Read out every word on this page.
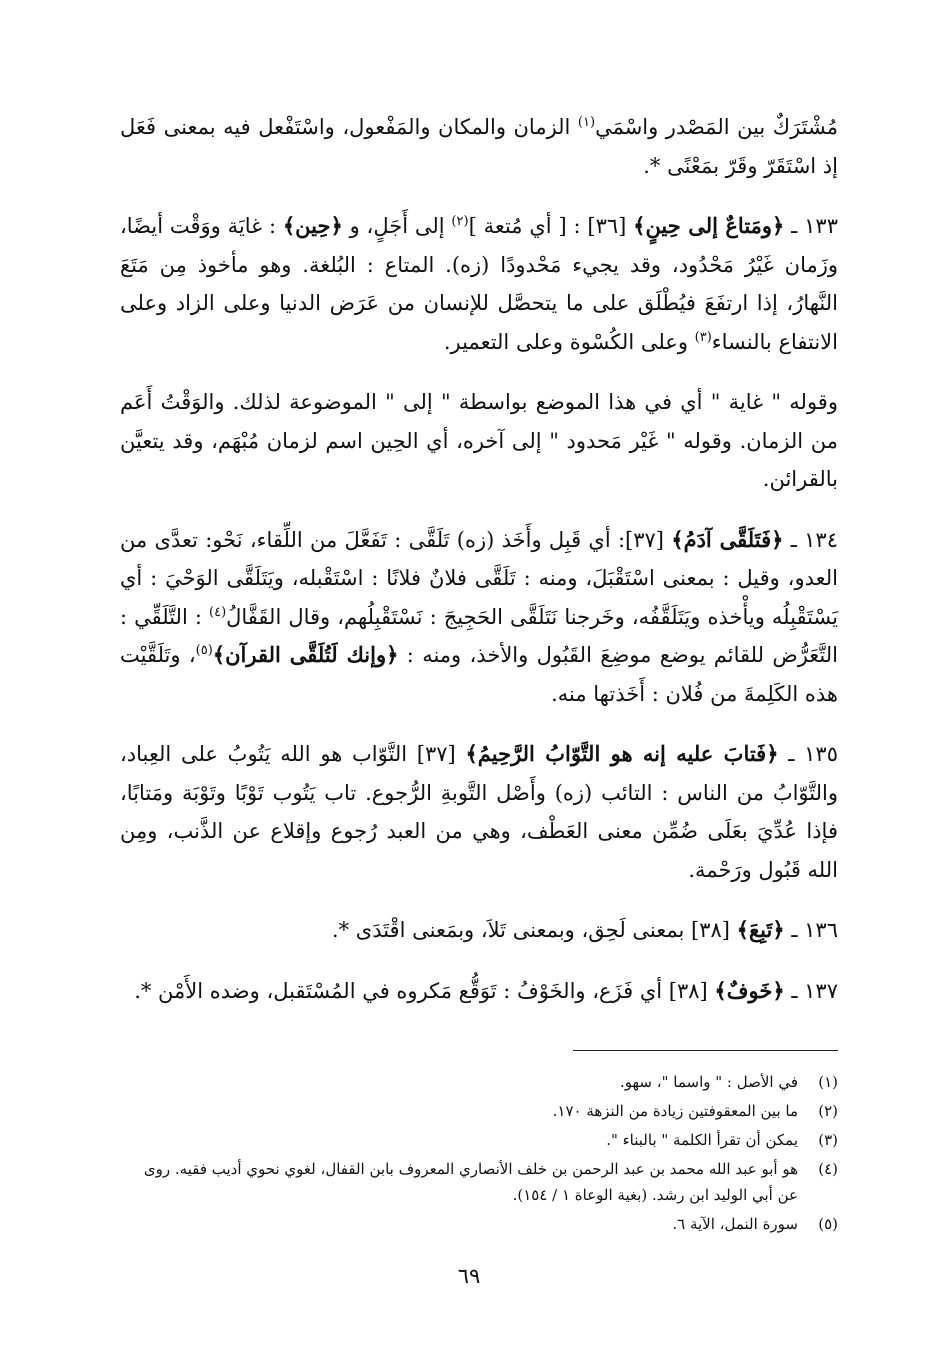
مُشْتَرَكٌ بين المَصْدر واسْمَي$^{(١)}$ الزمان والمكان والمَفْعول، واسْتَفْعل فيه بمعنى فَعَل إذ اسْتَقَرّ وقَرّ بمَعْنًى *.

١٣٣ ـ ﴿ومَتاعٌ إلى حِينٍ﴾ [٣٦] : [ أي مُتعة ]$^{(٢)}$ إلى أَجَلٍ، و ﴿حِين﴾ : غايَة ووَقْت أيضًا، وزَمان غَيْرُ مَحْدُود، وقد يجيء مَحْدودًا (زه). المتاع : البُلغة. وهو مأخوذ مِن مَتَعَ النَّهارُ، إذا ارتفَعَ فيُطْلَق على ما يتحصَّل للإنسان من عَرَض الدنيا وعلى الزاد وعلى الانتفاع بالنساء$^{(٣)}$ وعلى الكُسْوة وعلى التعمير.

وقوله " غاية " أي في هذا الموضع بواسطة " إلى " الموضوعة لذلك. والوَقْتُ أَعَم من الزمان. وقوله " غَيْر مَحدود " إلى آخره، أي الحِين اسم لزمان مُبْهَم، وقد يتعيَّن بالقرائن.

١٣٤ ـ ﴿فَتَلَقَّى آدَمُ﴾ [٣٧]: أي قَبِل وأَخَذ (زه) تَلَقَّى : تَفَعَّلَ من اللِّقاء، نَحْو: تعدَّى من العدو، وقيل : بمعنى اسْتَقْبَلَ، ومنه : تَلَقَّى فلانٌ فلانًا : اسْتَقْبله، ويَتَلَقَّى الوَحْيَ : أي يَسْتَقْبِلُه ويأْخذه ويَتَلَقَّفُه، وخَرجنا نَتَلَقَّى الحَجِيجَ : نَسْتَقْبِلُهم، وقال القَفَّالُ$^{(٤)}$ : التَّلَقِّي : التَّعَرُّض للقائم يوضع موضِعَ القَبُول والأخذ، ومنه : ﴿وإنك لَتُلَقَّى القرآن﴾$^{(٥)}$، وتَلَقَّيْت هذه الكَلِمةَ من فُلان : أَخَذتها منه.

١٣٥ ـ ﴿فَتابَ عليه إنه هو التَّوّابُ الرَّحِيمُ﴾ [٣٧] التَّوّاب هو الله يَتُوبُ على العِباد، والتَّوّابُ من الناس : التائب (زه) وأَصْل التَّوبةِ الرُّجوع. تاب يَتُوب تَوْبًا وتَوْبَة ومَتابًا، فإذا عُدِّيَ بعَلَى ضُمِّن معنى العَطْف، وهي من العبد رُجوع وإقلاع عن الذَّنب، ومِن الله قَبُول ورَحْمة.

١٣٦ ـ ﴿تَبِعَ﴾ [٣٨] بمعنى لَحِق، وبمعنى تَلاَ، وبمَعنى اقْتَدَى *.

١٣٧ ـ ﴿خَوفٌ﴾ [٣٨] أي فَزَع، والخَوْفُ : تَوَقُّع مَكروه في المُسْتَقبل، وضده الأَمْن *.

(١)
في الأصل : " واسما "، سهو.
(٢)
ما بين المعقوفتين زيادة من النزهة ١٧٠.
(٣)
يمكن أن تقرأ الكلمة " بالبناء ".
(٤)
هو أبو عبد الله محمد بن عبد الرحمن بن خلف الأنصاري المعروف بابن القفال، لغوي نحوي أديب فقيه. روى عن أبي الوليد ابن رشد. (بغية الوعاة ١ / ١٥٤).
(٥)
سورة النمل، الآية ٦.
٦٩
